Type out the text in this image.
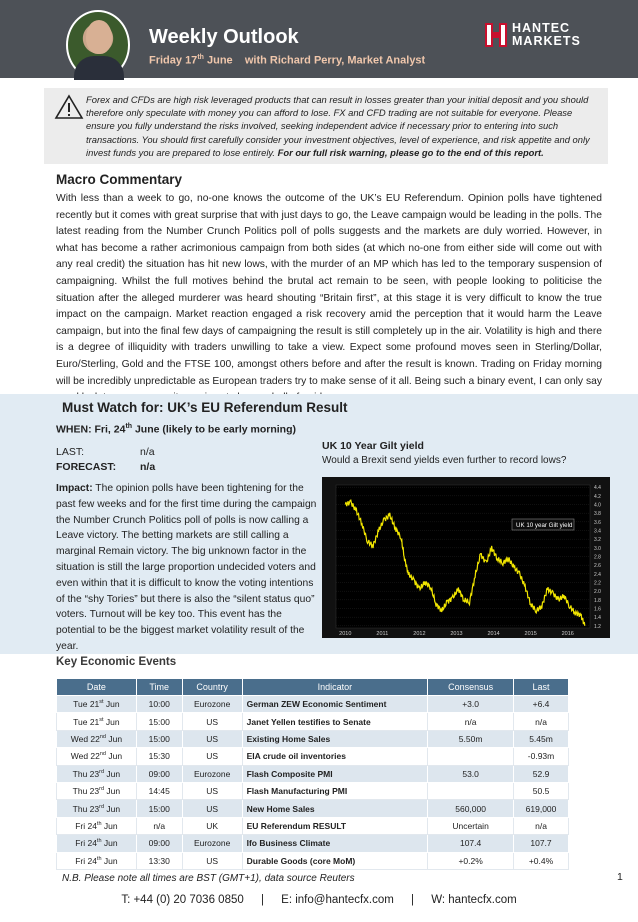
Weekly Outlook
Friday 17th June    with Richard Perry, Market Analyst
HANTEC
MARKETS
Forex and CFDs are high risk leveraged products that can result in losses greater than your initial deposit and you should therefore only speculate with money you can afford to lose. FX and CFD trading are not suitable for everyone. Please ensure you fully understand the risks involved, seeking independent advice if necessary prior to entering into such transactions. You should first carefully consider your investment objectives, level of experience, and risk appetite and only invest funds you are prepared to lose entirely. For our full risk warning, please go to the end of this report.
Macro Commentary
With less than a week to go, no-one knows the outcome of the UK’s EU Referendum. Opinion polls have tightened recently but it comes with great surprise that with just days to go, the Leave campaign would be leading in the polls. The latest reading from the Number Crunch Politics poll of polls suggests and the markets are duly worried. However, in what has become a rather acrimonious campaign from both sides (at which no-one from either side will come out with any real credit) the situation has hit new lows, with the murder of an MP which has led to the temporary suspension of campaigning. Whilst the full motives behind the brutal act remain to be seen, with people looking to politicise the situation after the alleged murderer was heard shouting “Britain first”, at this stage it is very difficult to know the true impact on the campaign. Market reaction engaged a risk recovery amid the perception that it would harm the Leave campaign, but into the final few days of campaigning the result is still completely up in the air. Volatility is high and there is a degree of illiquidity with traders unwilling to take a view. Expect some profound moves seen in Sterling/Dollar, Euro/Sterling, Gold and the FTSE 100, amongst others before and after the result is known. Trading on Friday morning will be incredibly unpredictable as European traders try to make sense of it all. Being such a binary event, I can only say
Must Watch for: UK’s EU Referendum Result
WHEN: Fri, 24th June (likely to be early morning)
LAST:	n/a
FORECAST: n/a
Impact: The opinion polls have been tightening for the past few weeks and for the first time during the campaign the Number Crunch Politics poll of polls is now calling a Leave victory. The betting markets are still calling a marginal Remain victory. The big unknown factor in the situation is still the large proportion undecided voters and even within that it is difficult to know the voting intentions of the “shy Tories” but there is also the “silent status quo” voters. Turnout will be key too. This event has the potential to be the biggest market volatility result of the year.
UK 10 Year Gilt yield
Would a Brexit send yields even further to record lows?
4.4
4.2
4.0
3.8
3.6
3.4
3.2
3.0
2.8
2.6
2.4
2.2
2.0
1.8
1.6
1.4
1.2
2010	2011	2012	2013	2014	2015	2016
UK 10 year Gilt yield
Key Economic Events
Date	Time	Country	Indicator	Consensus	Last
Tue 21st Jun	10:00	Eurozone	German ZEW Economic Sentiment	+3.0	+6.4
Tue 21st Jun	15:00	US	Janet Yellen testifies to Senate	n/a	n/a
Wed 22nd Jun	15:00	US	Existing Home Sales	5.50m	5.45m
Wed 22nd Jun	15:30	US	EIA crude oil inventories		-0.93m
Thu 23rd Jun	09:00	Eurozone	Flash Composite PMI	53.0	52.9
Thu 23rd Jun	14:45	US	Flash Manufacturing PMI		50.5
Thu 23rd Jun	15:00	US	New Home Sales	560,000	619,000
Fri 24th Jun	n/a	UK	EU Referendum RESULT	Uncertain	n/a
Fri 24th Jun	09:00	Eurozone	Ifo Business Climate	107.4	107.7
Fri 24th Jun	13:30	US	Durable Goods (core MoM)	+0.2%	+0.4%
N.B. Please note all times are BST (GMT+1), data source Reuters	1
T: +44 (0) 20 7036 0850 | E: info@hantecfx.com | W: hantecfx.com
